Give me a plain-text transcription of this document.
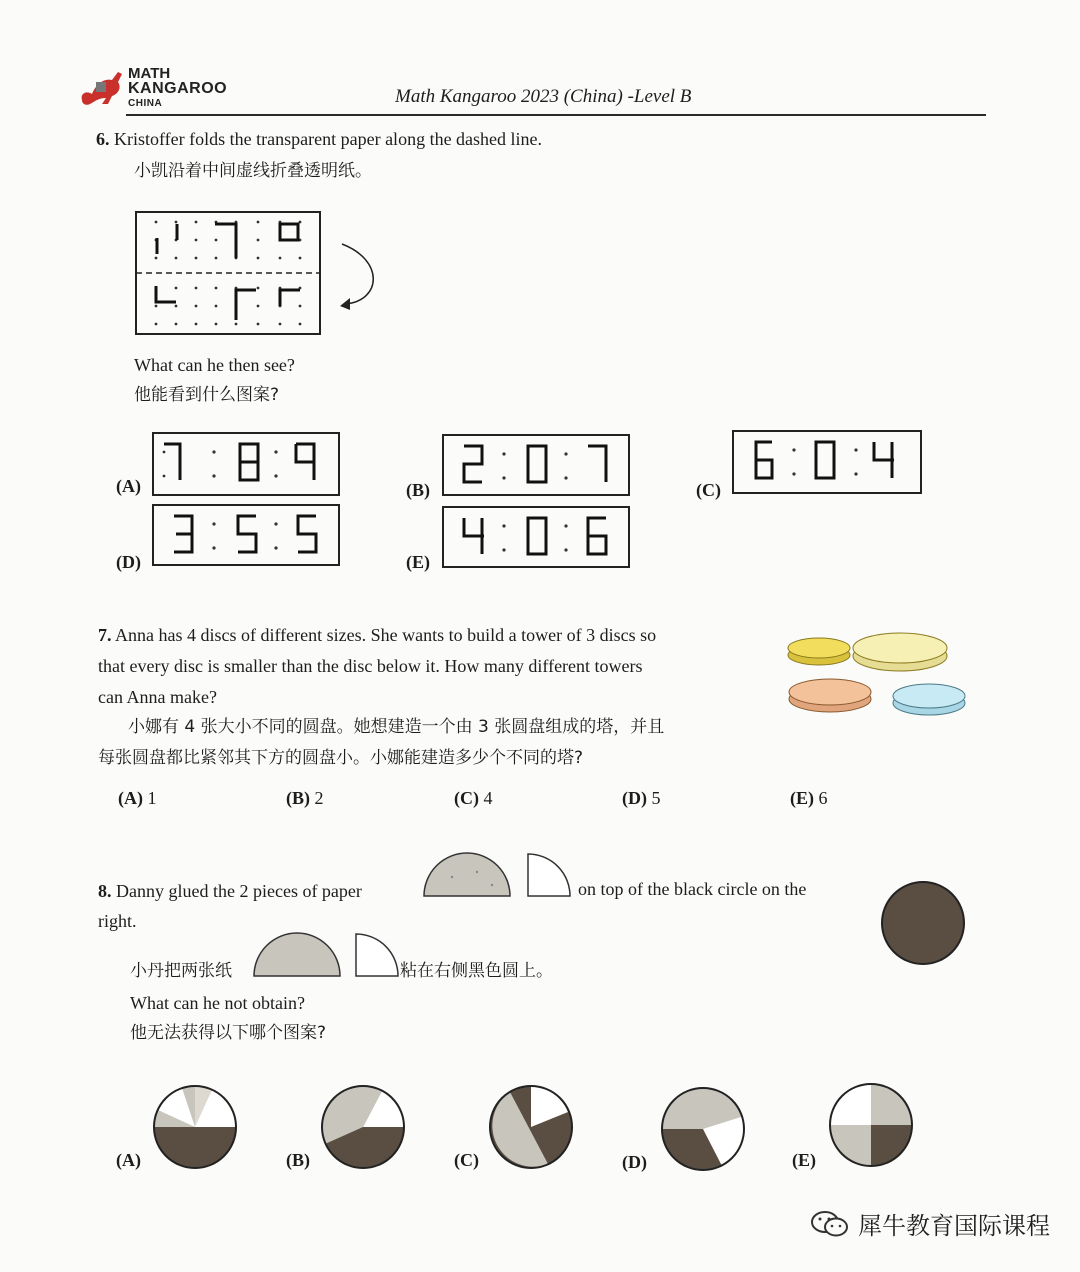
MATH
KANGAROO
CHINA	Math Kangaroo 2023 (China) -Level B
6. Kristoffer folds the transparent paper along the dashed line.
小凯沿着中间虚线折叠透明纸。
What can he then see?
他能看到什么图案?
(A)	7:8:9	(B)	(C)
(D)	(E)
7. Anna has 4 discs of different sizes. She wants to build a tower of 3 discs so
that every disc is smaller than the disc below it. How many different towers
can Anna make?
小娜有 4 张大小不同的圆盘。她想建造一个由 3 张圆盘组成的塔，并且
每张圆盘都比紧邻其下方的圆盘小。小娜能建造多少个不同的塔?
(A) 1	(B) 2	(C) 4	(D) 5	(E) 6
8. Danny glued the 2 pieces of paper	on top of the black circle on the
right.
小丹把两张纸	粘在右侧黑色圆上。
What can he not obtain?
他无法获得以下哪个图案?
(A)	(B)	(C)	(D)	(E)
犀牛教育国际课程
